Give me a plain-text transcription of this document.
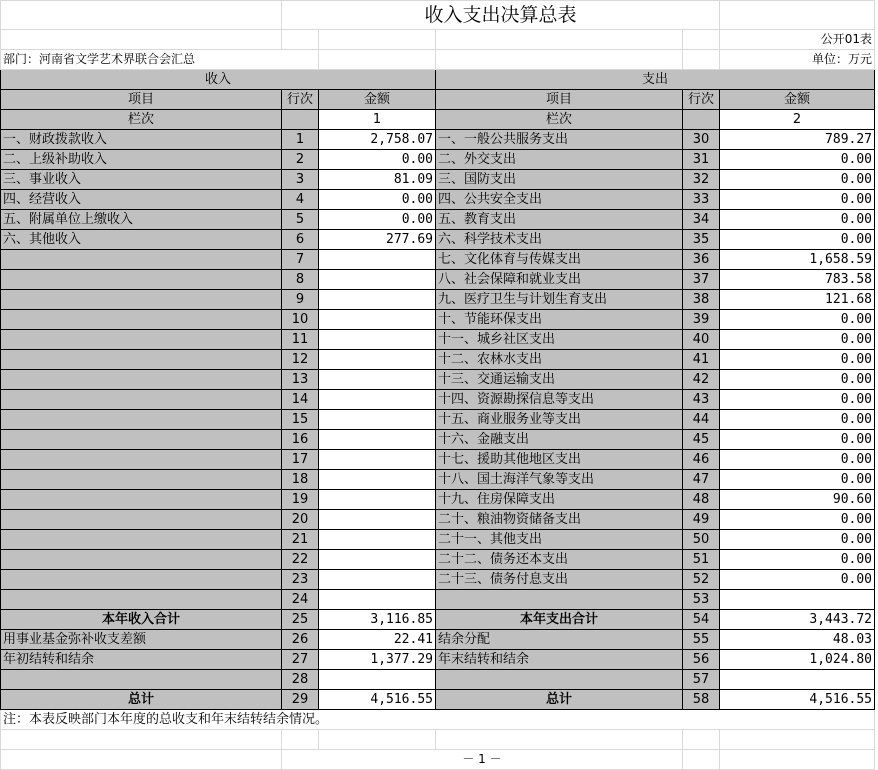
	收入支出决算总表				
					公开01表
部门：河南省文学艺术界联合会汇总					单位：万元
收入			支出		
项目	行次	金额	项目	行次	金额
栏次		1	栏次		2
一、财政拨款收入	1	2,758.07	一、一般公共服务支出	30	789.27
二、上级补助收入	2	0.00	二、外交支出	31	0.00
三、事业收入	3	81.09	三、国防支出	32	0.00
四、经营收入	4	0.00	四、公共安全支出	33	0.00
五、附属单位上缴收入	5	0.00	五、教育支出	34	0.00
六、其他收入	6	277.69	六、科学技术支出	35	0.00
	7		七、文化体育与传媒支出	36	1,658.59
	8		八、社会保障和就业支出	37	783.58
	9		九、医疗卫生与计划生育支出	38	121.68
	10		十、节能环保支出	39	0.00
	11		十一、城乡社区支出	40	0.00
	12		十二、农林水支出	41	0.00
	13		十三、交通运输支出	42	0.00
	14		十四、资源勘探信息等支出	43	0.00
	15		十五、商业服务业等支出	44	0.00
	16		十六、金融支出	45	0.00
	17		十七、援助其他地区支出	46	0.00
	18		十八、国土海洋气象等支出	47	0.00
	19		十九、住房保障支出	48	90.60
	20		二十、粮油物资储备支出	49	0.00
	21		二十一、其他支出	50	0.00
	22		二十二、债务还本支出	51	0.00
	23		二十三、债务付息支出	52	0.00
	24			53	
本年收入合计	25	3,116.85	本年支出合计	54	3,443.72
用事业基金弥补收支差额	26	22.41	结余分配	55	48.03
年初结转和结余	27	1,377.29	年末结转和结余	56	1,024.80
	28			57	
总计	29	4,516.55	总计	58	4,516.55
注：本表反映部门本年度的总收支和年末结转结余情况。					

	－ 1 －				
